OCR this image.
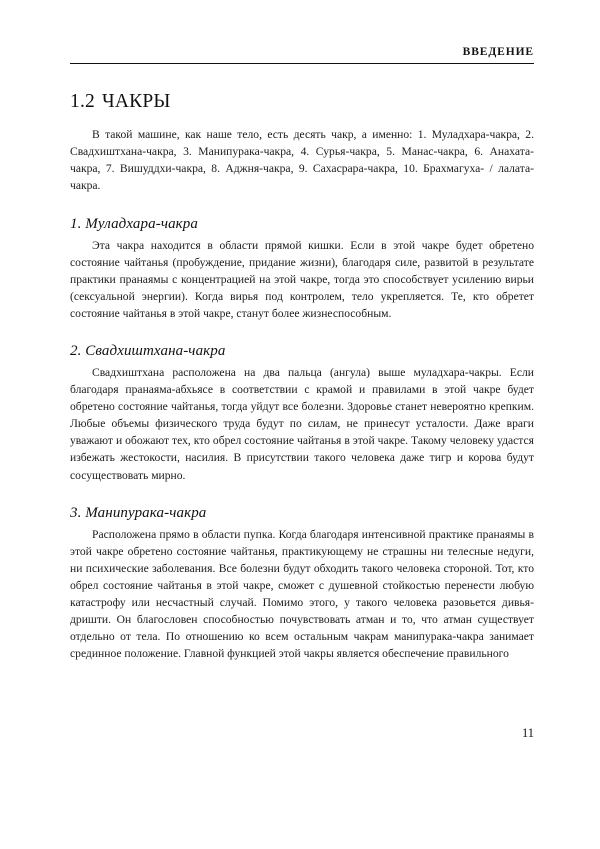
ВВЕДЕНИЕ
1.2 ЧАКРЫ

В такой машине, как наше тело, есть десять чакр, а именно: 1. Муладхара-чакра, 2. Свадхиштхана-чакра, 3. Манипурака-чакра, 4. Сурья-чакра, 5. Манас-чакра, 6. Анахата-чакра, 7. Вишуддхи-чакра, 8. Аджня-чакра, 9. Сахасрара-чакра, 10. Брахмагуха- / лалата-чакра.

1. Муладхара-чакра

Эта чакра находится в области прямой кишки. Если в этой чакре будет обретено состояние чайтанья (пробуждение, придание жизни), благодаря силе, развитой в результате практики пранаямы с концентрацией на этой чакре, тогда это способствует усилению вирьи (сексуальной энергии). Когда вирья под контролем, тело укрепляется. Те, кто обретет состояние чайтанья в этой чакре, станут более жизнеспособным.

2. Свадхиштхана-чакра

Свадхиштхана расположена на два пальца (ангула) выше муладхара-чакры. Если благодаря пранаяма-абхьясе в соответствии с крамой и правилами в этой чакре будет обретено состояние чайтанья, тогда уйдут все болезни. Здоровье станет невероятно крепким. Любые объемы физического труда будут по силам, не принесут усталости. Даже враги уважают и обожают тех, кто обрел состояние чайтанья в этой чакре. Такому человеку удастся избежать жестокости, насилия. В присутствии такого человека даже тигр и корова будут сосуществовать мирно.

3. Манипурака-чакра

Расположена прямо в области пупка. Когда благодаря интенсивной практике пранаямы в этой чакре обретено состояние чайтанья, практикующему не страшны ни телесные недуги, ни психические заболевания. Все болезни будут обходить такого человека стороной. Тот, кто обрел состояние чайтанья в этой чакре, сможет с душевной стойкостью перенести любую катастрофу или несчастный случай. Помимо этого, у такого человека разовьется дивья-дришти. Он благословен способностью почувствовать атман и то, что атман существует отдельно от тела. По отношению ко всем остальным чакрам манипурака-чакра занимает срединное положение. Главной функцией этой чакры является обеспечение правильного

11
